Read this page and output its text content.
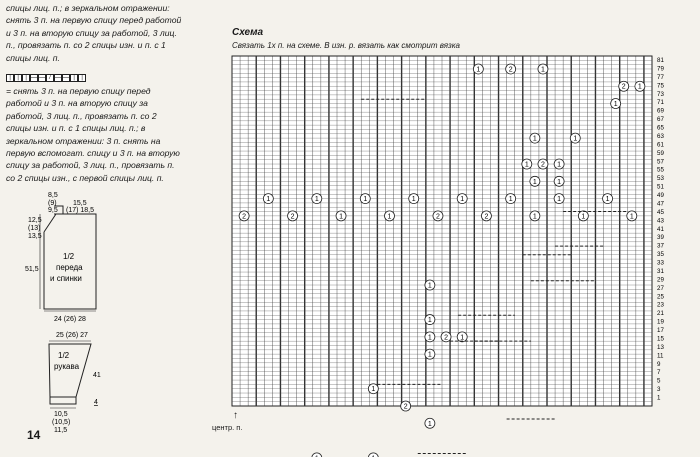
спицы лиц. п.; в зеркальном отражении:

снять 3 п. на первую спицу перед работой

и 3 п. на вторую спицу за работой, 3 лиц.

п., провязать п. со 2 спицы изн. и п. с 1

спицы лиц. п.

|	|	| — — / — — |	|

= снять 3 п. на первую спицу перед

работой и 3 п. на вторую спицу за

работой, 3 лиц. п., провязать п. со 2

спицы изн. и п. с 1 спицы лиц. п.; в

зеркальном отражении: 3 п. снять на

первую вспомогат. спицу и 3 п. на вторую

спицу за работой, 3 лиц. п., провязать п.

со 2 спицы изн., с первой спицы лиц. п.

8,5
(9)
9,5
15,5
(17) 18,5
12,5
(13)
13,5
51,5
1/2
переда
и спинки
24 (26) 28
25 (26) 27
1/2
рукава
41
4
10,5
(10,5)
11,5
1	2	1
2 1
1
1	1
1 2 1
1	1
1	1	1	1	1	1	1	1
2	2	1	1	2	2	1	1	1
1
1
1 2 1
1
1
2
1
81
79
77
75
73
71
69
67
65
63
61
59
57
55
53
51
49
47
45
43
41
39
37
35
33
31
29
27
25
23
21
19
17
15
13
11
9
7
5
3
1
Схема
Связать 1х п. на схеме. В изн. р. вязать как смотрит вязка
↑
центр. п.
14
